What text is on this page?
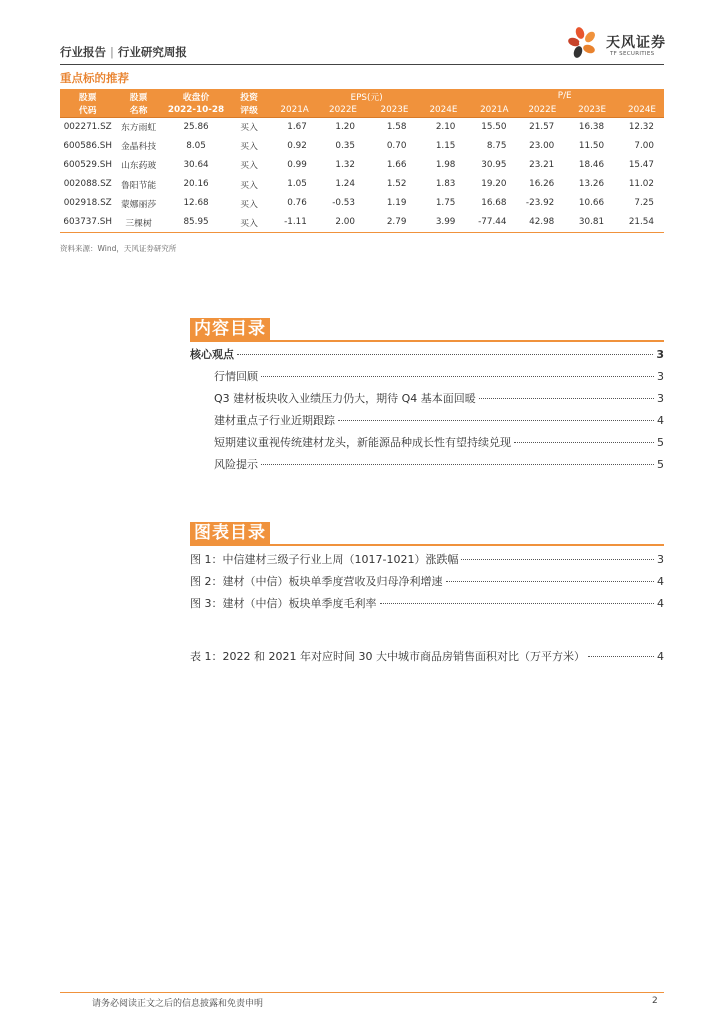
行业报告 | 行业研究周报
天风证券
TF SECURITIES
重点标的推荐
股票	股票	收盘价	投资	EPS(元)				P/E			
代码	名称	2022-10-28	评级	2021A	2022E	2023E	2024E	2021A	2022E	2023E	2024E
002271.SZ	东方雨虹	25.86	买入	1.67	1.20	1.58	2.10	15.50	21.57	16.38	12.32
600586.SH	金晶科技	8.05	买入	0.92	0.35	0.70	1.15	8.75	23.00	11.50	7.00
600529.SH	山东药玻	30.64	买入	0.99	1.32	1.66	1.98	30.95	23.21	18.46	15.47
002088.SZ	鲁阳节能	20.16	买入	1.05	1.24	1.52	1.83	19.20	16.26	13.26	11.02
002918.SZ	蒙娜丽莎	12.68	买入	0.76	-0.53	1.19	1.75	16.68	-23.92	10.66	7.25
603737.SH	三棵树	85.95	买入	-1.11	2.00	2.79	3.99	-77.44	42.98	30.81	21.54
资料来源：Wind，天风证券研究所
内容目录
核心观点	3
行情回顾	3
Q3 建材板块收入业绩压力仍大，期待 Q4 基本面回暖	3
建材重点子行业近期跟踪	4
短期建议重视传统建材龙头，新能源品种成长性有望持续兑现	5
风险提示	5
图表目录
图 1：中信建材三级子行业上周（1017-1021）涨跌幅	3
图 2：建材（中信）板块单季度营收及归母净利增速	4
图 3：建材（中信）板块单季度毛利率	4
表 1：2022 和 2021 年对应时间 30 大中城市商品房销售面积对比（万平方米）	4
请务必阅读正文之后的信息披露和免责申明	2
